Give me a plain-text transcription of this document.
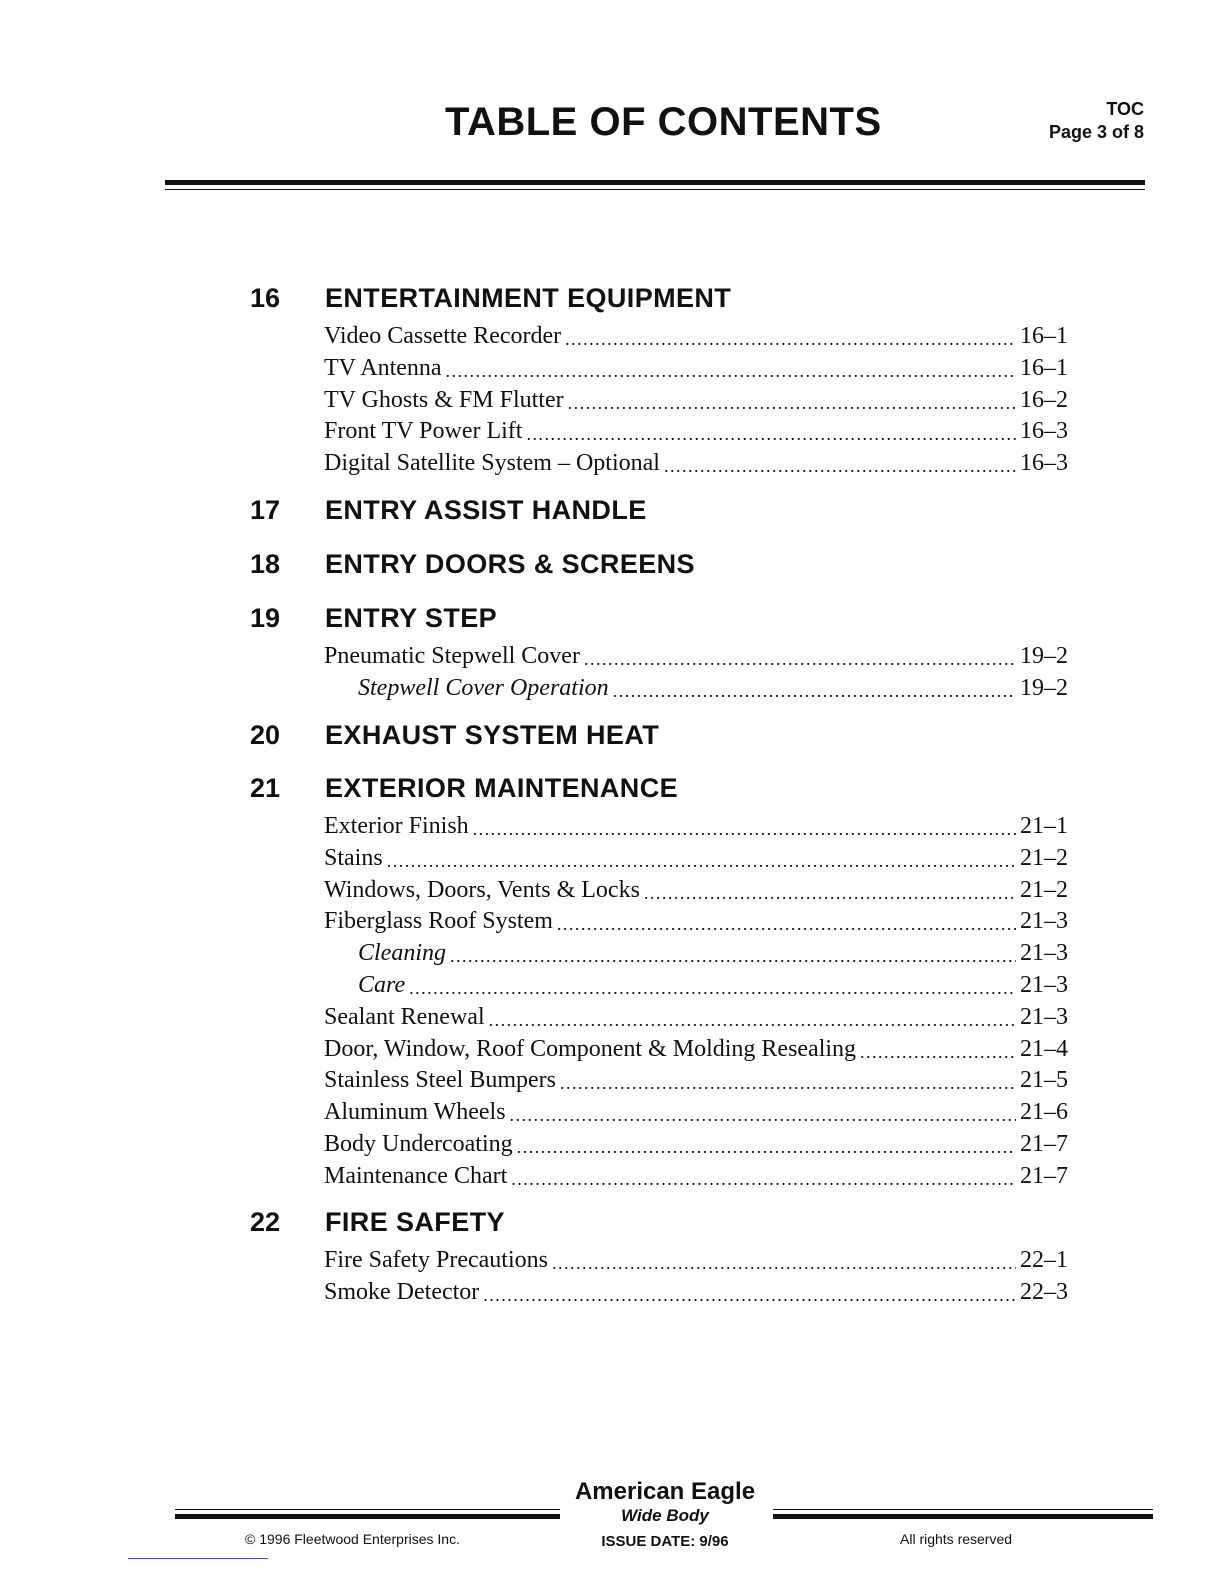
TABLE OF CONTENTS	TOC
Page 3 of 8
16 ENTERTAINMENT EQUIPMENT
Video Cassette Recorder .....	16–1
TV Antenna .....	16–1
TV Ghosts & FM Flutter .....	16–2
Front TV Power Lift .....	16–3
Digital Satellite System – Optional .....	16–3
17 ENTRY ASSIST HANDLE
18 ENTRY DOORS & SCREENS
19 ENTRY STEP
Pneumatic Stepwell Cover .....	19–2
Stepwell Cover Operation .....	19–2
20 EXHAUST SYSTEM HEAT
21 EXTERIOR MAINTENANCE
Exterior Finish .....	21–1
Stains .....	21–2
Windows, Doors, Vents & Locks .....	21–2
Fiberglass Roof System .....	21–3
Cleaning .....	21–3
Care .....	21–3
Sealant Renewal .....	21–3
Door, Window, Roof Component & Molding Resealing .....	21–4
Stainless Steel Bumpers .....	21–5
Aluminum Wheels .....	21–6
Body Undercoating .....	21–7
Maintenance Chart .....	21–7
22 FIRE SAFETY
Fire Safety Precautions .....	22–1
Smoke Detector .....	22–3
American Eagle
Wide Body
ISSUE DATE: 9/96
© 1996 Fleetwood Enterprises Inc.	All rights reserved
